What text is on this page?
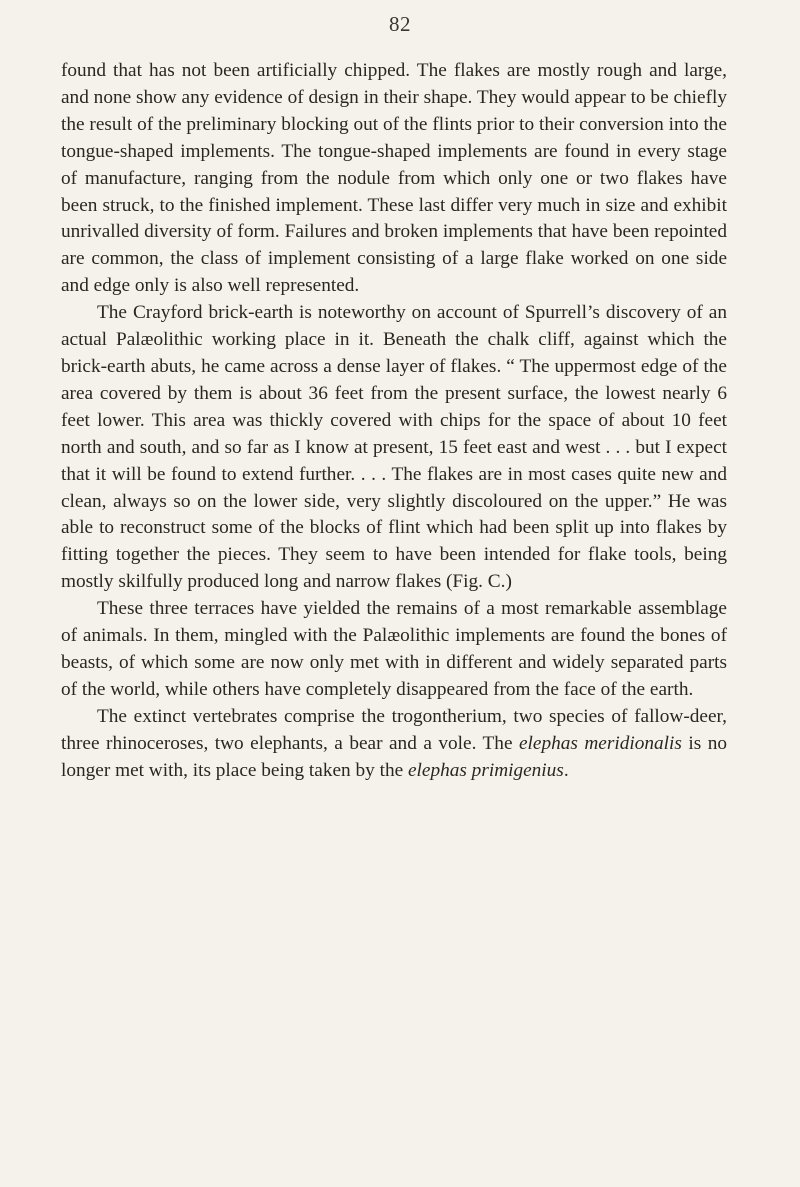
82

found that has not been artificially chipped. The flakes are mostly rough and large, and none show any evidence of design in their shape. They would appear to be chiefly the result of the preliminary blocking out of the flints prior to their conversion into the tongue-shaped implements. The tongue-shaped implements are found in every stage of manufacture, ranging from the nodule from which only one or two flakes have been struck, to the finished implement. These last differ very much in size and exhibit unrivalled diversity of form. Failures and broken implements that have been repointed are common, the class of implement consisting of a large flake worked on one side and edge only is also well represented.

The Crayford brick-earth is noteworthy on account of Spurrell’s discovery of an actual Palæolithic working place in it. Beneath the chalk cliff, against which the brick-earth abuts, he came across a dense layer of flakes. “ The uppermost edge of the area covered by them is about 36 feet from the present surface, the lowest nearly 6 feet lower. This area was thickly covered with chips for the space of about 10 feet north and south, and so far as I know at present, 15 feet east and west . . . but I expect that it will be found to extend further. . . . The flakes are in most cases quite new and clean, always so on the lower side, very slightly discoloured on the upper.” He was able to reconstruct some of the blocks of flint which had been split up into flakes by fitting together the pieces. They seem to have been intended for flake tools, being mostly skilfully produced long and narrow flakes (Fig. C.)

These three terraces have yielded the remains of a most remarkable assemblage of animals. In them, mingled with the Palæolithic implements are found the bones of beasts, of which some are now only met with in different and widely separated parts of the world, while others have completely disappeared from the face of the earth.

The extinct vertebrates comprise the trogontherium, two species of fallow-deer, three rhinoceroses, two elephants, a bear and a vole. The elephas meridionalis is no longer met with, its place being taken by the elephas primigenius.
